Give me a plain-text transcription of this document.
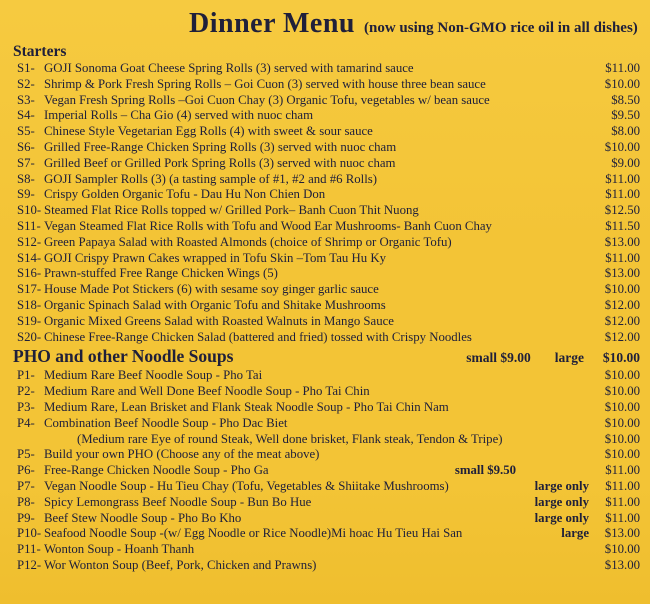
Dinner Menu (now using Non-GMO rice oil in all dishes)
Starters
S1- GOJI Sonoma Goat Cheese Spring Rolls (3) served with tamarind sauce	$11.00
S2- Shrimp & Pork Fresh Spring Rolls – Goi Cuon (3) served with house three bean sauce	$10.00
S3- Vegan Fresh Spring Rolls –Goi Cuon Chay (3) Organic Tofu, vegetables w/ bean sauce	$8.50
S4- Imperial Rolls – Cha Gio (4) served with nuoc cham	$9.50
S5- Chinese Style Vegetarian Egg Rolls (4) with sweet & sour sauce	$8.00
S6- Grilled Free-Range Chicken Spring Rolls (3) served with nuoc cham	$10.00
S7- Grilled Beef or Grilled Pork Spring Rolls (3) served with nuoc cham	$9.00
S8- GOJI Sampler Rolls (3) (a tasting sample of #1, #2 and #6 Rolls)	$11.00
S9- Crispy Golden Organic Tofu - Dau Hu Non Chien Don	$11.00
S10- Steamed Flat Rice Rolls topped w/ Grilled Pork– Banh Cuon Thit Nuong	$12.50
S11- Vegan Steamed Flat Rice Rolls with Tofu and Wood Ear Mushrooms- Banh Cuon Chay	$11.50
S12- Green Papaya Salad with Roasted Almonds (choice of Shrimp or Organic Tofu)	$13.00
S14- GOJI Crispy Prawn Cakes wrapped in Tofu Skin –Tom Tau Hu Ky	$11.00
S16- Prawn-stuffed Free Range Chicken Wings (5)	$13.00
S17- House Made Pot Stickers (6) with sesame soy ginger garlic sauce	$10.00
S18- Organic Spinach Salad with Organic Tofu and Shitake Mushrooms	$12.00
S19- Organic Mixed Greens Salad with Roasted Walnuts in Mango Sauce	$12.00
S20- Chinese Free-Range Chicken Salad (battered and fried) tossed with Crispy Noodles	$12.00
PHO and other Noodle Soups	small $9.00 large	$10.00
P1- Medium Rare Beef Noodle Soup - Pho Tai	$10.00
P2- Medium Rare and Well Done Beef Noodle Soup - Pho Tai Chin	$10.00
P3- Medium Rare, Lean Brisket and Flank Steak Noodle Soup - Pho Tai Chin Nam	$10.00
P4- Combination Beef Noodle Soup - Pho Dac Biet	$10.00
(Medium rare Eye of round Steak, Well done brisket, Flank steak, Tendon & Tripe)	$10.00
P5- Build your own PHO (Choose any of the meat above)	$10.00
P6- Free-Range Chicken Noodle Soup - Pho Ga	small $9.50	$11.00
P7- Vegan Noodle Soup - Hu Tieu Chay (Tofu, Vegetables & Shiitake Mushrooms)	large only	$11.00
P8- Spicy Lemongrass Beef Noodle Soup - Bun Bo Hue	large only	$11.00
P9- Beef Stew Noodle Soup - Pho Bo Kho	large only	$11.00
P10- Seafood Noodle Soup -(w/ Egg Noodle or Rice Noodle)Mi hoac Hu Tieu Hai San	large	$13.00
P11- Wonton Soup - Hoanh Thanh	$10.00
P12- Wor Wonton Soup (Beef, Pork, Chicken and Prawns)	$13.00
